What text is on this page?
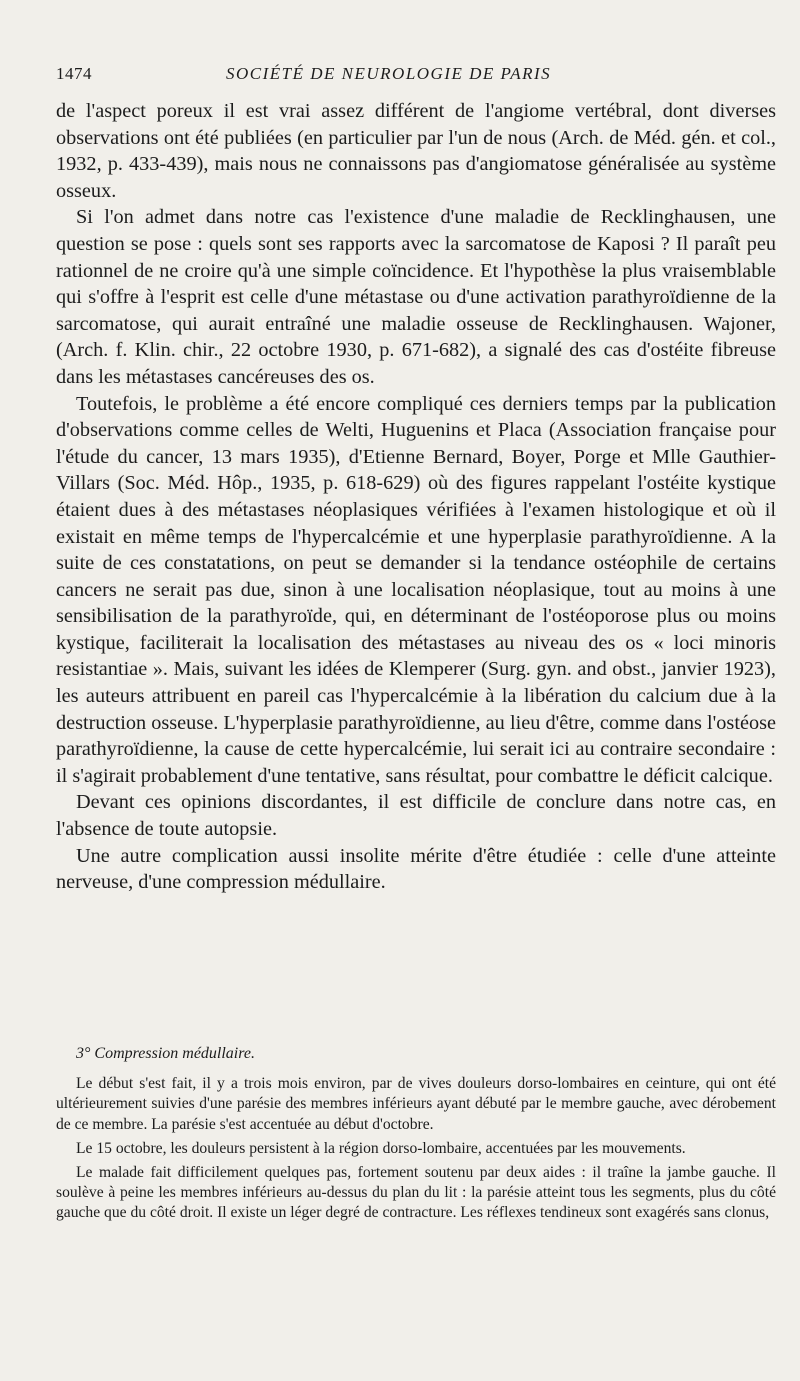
1474	SOCIÉTÉ DE NEUROLOGIE DE PARIS

de l'aspect poreux il est vrai assez différent de l'angiome vertébral, dont diverses observations ont été publiées (en particulier par l'un de nous (Arch. de Méd. gén. et col., 1932, p. 433-439), mais nous ne connaissons pas d'angiomatose généralisée au système osseux.

Si l'on admet dans notre cas l'existence d'une maladie de Recklinghausen, une question se pose : quels sont ses rapports avec la sarcomatose de Kaposi ? Il paraît peu rationnel de ne croire qu'à une simple coïncidence. Et l'hypothèse la plus vraisemblable qui s'offre à l'esprit est celle d'une métastase ou d'une activation parathyroïdienne de la sarcomatose, qui aurait entraîné une maladie osseuse de Recklinghausen. Wajoner, (Arch. f. Klin. chir., 22 octobre 1930, p. 671-682), a signalé des cas d'ostéite fibreuse dans les métastases cancéreuses des os.

Toutefois, le problème a été encore compliqué ces derniers temps par la publication d'observations comme celles de Welti, Huguenins et Placa (Association française pour l'étude du cancer, 13 mars 1935), d'Etienne Bernard, Boyer, Porge et Mlle Gauthier-Villars (Soc. Méd. Hôp., 1935, p. 618-629) où des figures rappelant l'ostéite kystique étaient dues à des métastases néoplasiques vérifiées à l'examen histologique et où il existait en même temps de l'hypercalcémie et une hyperplasie parathyroïdienne. A la suite de ces constatations, on peut se demander si la tendance ostéophile de certains cancers ne serait pas due, sinon à une localisation néoplasique, tout au moins à une sensibilisation de la parathyroïde, qui, en déterminant de l'ostéoporose plus ou moins kystique, faciliterait la localisation des métastases au niveau des os « loci minoris resistantiae ». Mais, suivant les idées de Klemperer (Surg. gyn. and obst., janvier 1923), les auteurs attribuent en pareil cas l'hypercalcémie à la libération du calcium due à la destruction osseuse. L'hyperplasie parathyroïdienne, au lieu d'être, comme dans l'ostéose parathyroïdienne, la cause de cette hypercalcémie, lui serait ici au contraire secondaire : il s'agirait probablement d'une tentative, sans résultat, pour combattre le déficit calcique.

Devant ces opinions discordantes, il est difficile de conclure dans notre cas, en l'absence de toute autopsie.

Une autre complication aussi insolite mérite d'être étudiée : celle d'une atteinte nerveuse, d'une compression médullaire.

3° Compression médullaire.

Le début s'est fait, il y a trois mois environ, par de vives douleurs dorso-lombaires en ceinture, qui ont été ultérieurement suivies d'une parésie des membres inférieurs ayant débuté par le membre gauche, avec dérobement de ce membre. La parésie s'est accentuée au début d'octobre.

Le 15 octobre, les douleurs persistent à la région dorso-lombaire, accentuées par les mouvements.

Le malade fait difficilement quelques pas, fortement soutenu par deux aides : il traîne la jambe gauche. Il soulève à peine les membres inférieurs au-dessus du plan du lit : la parésie atteint tous les segments, plus du côté gauche que du côté droit. Il existe un léger degré de contracture. Les réflexes tendineux sont exagérés sans clonus,
